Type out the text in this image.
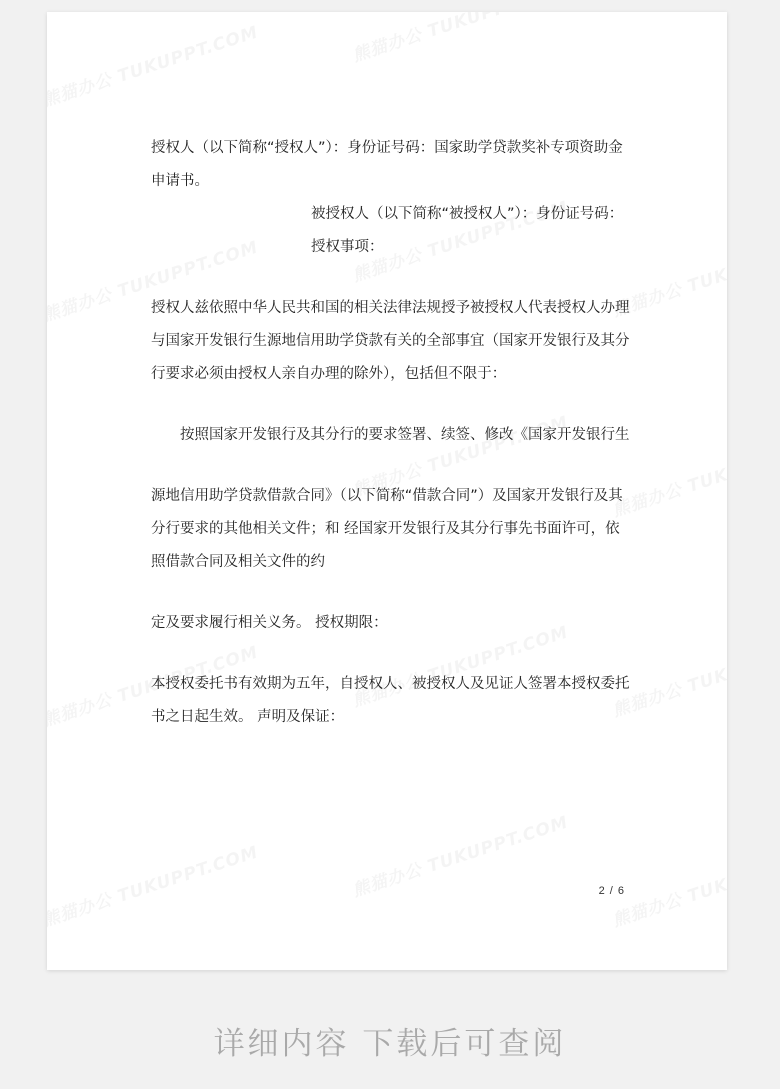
授权人（以下简称“授权人”）：身份证号码：国家助学贷款奖补专项资助金申请书。

被授权人（以下简称“被授权人”）：身份证号码： 授权事项：

授权人兹依照中华人民共和国的相关法律法规授予被授权人代表授权人办理与国家开发银行生源地信用助学贷款有关的全部事宜（国家开发银行及其分行要求必须由授权人亲自办理的除外），包括但不限于：

按照国家开发银行及其分行的要求签署、续签、修改《国家开发银行生

源地信用助学贷款借款合同》（以下简称“借款合同”）及国家开发银行及其分行要求的其他相关文件；和 经国家开发银行及其分行事先书面许可，依照借款合同及相关文件的约

定及要求履行相关义务。 授权期限：

本授权委托书有效期为五年，自授权人、被授权人及见证人签署本授权委托书之日起生效。 声明及保证：

2 / 6
详细内容 下载后可查阅
